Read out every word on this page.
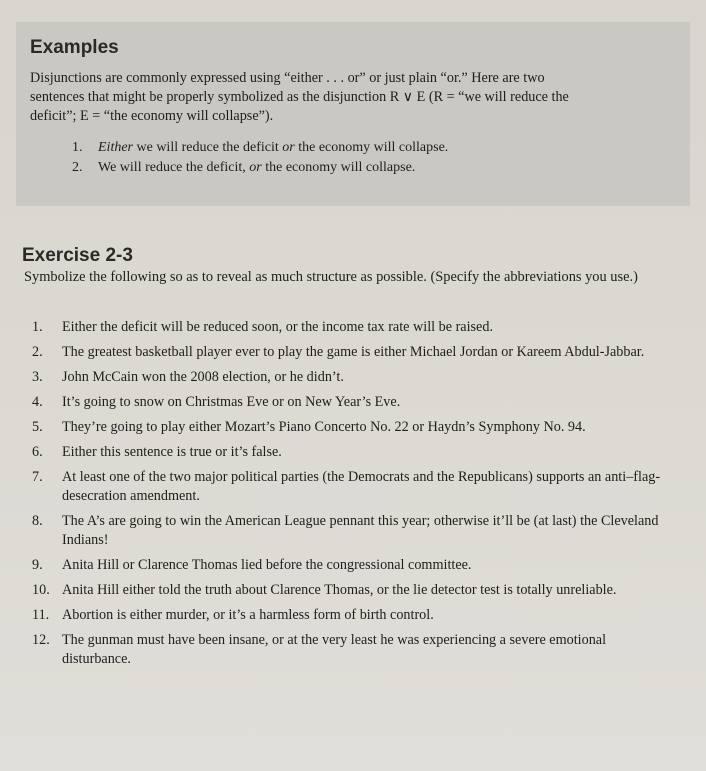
Examples
Disjunctions are commonly expressed using “either . . . or” or just plain “or.” Here are two
sentences that might be properly symbolized as the disjunction R ∨ E (R = “we will reduce the
deficit”; E = “the economy will collapse”).
1.	Either we will reduce the deficit or the economy will collapse.
2.	We will reduce the deficit, or the economy will collapse.
Exercise 2-3
Symbolize the following so as to reveal as much structure as possible. (Specify the abbreviations you use.)
1.	Either the deficit will be reduced soon, or the income tax rate will be raised.
2.	The greatest basketball player ever to play the game is either Michael Jordan or Kareem Abdul-Jabbar.
3.	John McCain won the 2008 election, or he didn’t.
4.	It’s going to snow on Christmas Eve or on New Year’s Eve.
5.	They’re going to play either Mozart’s Piano Concerto No. 22 or Haydn’s Symphony No. 94.
6.	Either this sentence is true or it’s false.
7.	At least one of the two major political parties (the Democrats and the Republicans) supports an anti–flag-desecration amendment.
8.	The A’s are going to win the American League pennant this year; otherwise it’ll be (at last) the Cleveland Indians!
9.	Anita Hill or Clarence Thomas lied before the congressional committee.
10. Anita Hill either told the truth about Clarence Thomas, or the lie detector test is totally unreliable.
11. Abortion is either murder, or it’s a harmless form of birth control.
12. The gunman must have been insane, or at the very least he was experiencing a severe emotional disturbance.
